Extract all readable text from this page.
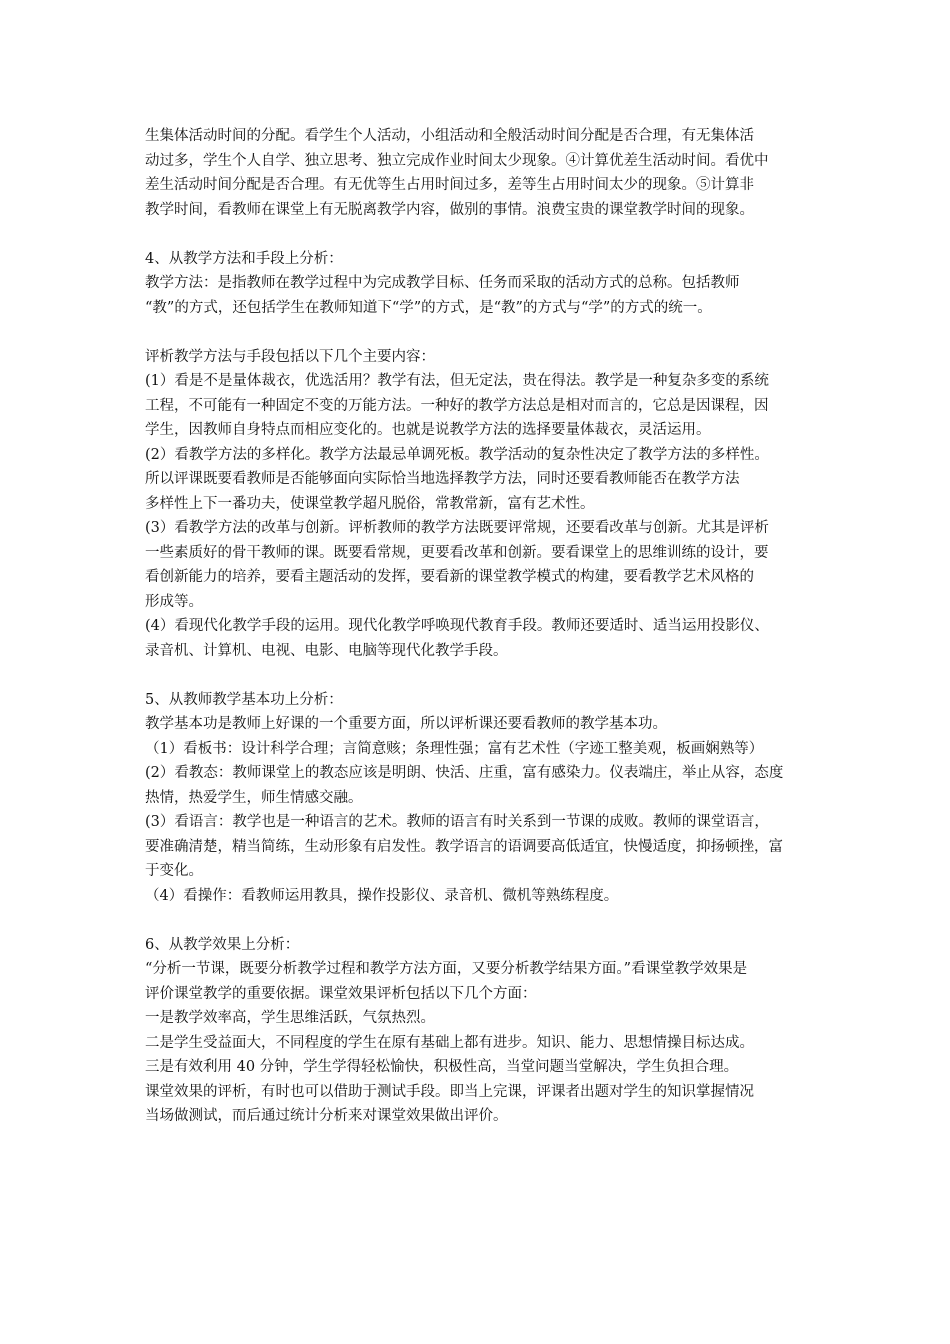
生集体活动时间的分配。看学生个人活动，小组活动和全般活动时间分配是否合理，有无集体活
动过多，学生个人自学、独立思考、独立完成作业时间太少现象。④计算优差生活动时间。看优中
差生活动时间分配是否合理。有无优等生占用时间过多，差等生占用时间太少的现象。⑤计算非
教学时间，看教师在课堂上有无脱离教学内容，做别的事情。浪费宝贵的课堂教学时间的现象。
4、从教学方法和手段上分析：
教学方法：是指教师在教学过程中为完成教学目标、任务而采取的活动方式的总称。包括教师
“教”的方式，还包括学生在教师知道下“学”的方式，是“教”的方式与“学”的方式的统一。
评析教学方法与手段包括以下几个主要内容：
(1）看是不是量体裁衣，优选活用？教学有法，但无定法，贵在得法。教学是一种复杂多变的系统
工程，不可能有一种固定不变的万能方法。一种好的教学方法总是相对而言的，它总是因课程，因
学生，因教师自身特点而相应变化的。也就是说教学方法的选择要量体裁衣，灵活运用。
(2）看教学方法的多样化。教学方法最忌单调死板。教学活动的复杂性决定了教学方法的多样性。
所以评课既要看教师是否能够面向实际恰当地选择教学方法，同时还要看教师能否在教学方法
多样性上下一番功夫，使课堂教学超凡脱俗，常教常新，富有艺术性。
(3）看教学方法的改革与创新。评析教师的教学方法既要评常规，还要看改革与创新。尤其是评析
一些素质好的骨干教师的课。既要看常规，更要看改革和创新。要看课堂上的思维训练的设计，要
看创新能力的培养，要看主题活动的发挥，要看新的课堂教学模式的构建，要看教学艺术风格的
形成等。
(4）看现代化教学手段的运用。现代化教学呼唤现代教育手段。教师还要适时、适当运用投影仪、
录音机、计算机、电视、电影、电脑等现代化教学手段。
5、从教师教学基本功上分析：
教学基本功是教师上好课的一个重要方面，所以评析课还要看教师的教学基本功。
（1）看板书：设计科学合理；言简意赅；条理性强；富有艺术性（字迹工整美观，板画娴熟等）
(2）看教态：教师课堂上的教态应该是明朗、快活、庄重，富有感染力。仪表端庄，举止从容，态度
热情，热爱学生，师生情感交融。
(3）看语言：教学也是一种语言的艺术。教师的语言有时关系到一节课的成败。教师的课堂语言，
要准确清楚，精当简练，生动形象有启发性。教学语言的语调要高低适宜，快慢适度，抑扬顿挫，富
于变化。
（4）看操作：看教师运用教具，操作投影仪、录音机、微机等熟练程度。
6、从教学效果上分析：
“分析一节课，既要分析教学过程和教学方法方面，又要分析教学结果方面。”看课堂教学效果是
评价课堂教学的重要依据。课堂效果评析包括以下几个方面：
一是教学效率高，学生思维活跃，气氛热烈。
二是学生受益面大，不同程度的学生在原有基础上都有进步。知识、能力、思想情操目标达成。
三是有效利用 40 分钟，学生学得轻松愉快，积极性高，当堂问题当堂解决，学生负担合理。
课堂效果的评析，有时也可以借助于测试手段。即当上完课，评课者出题对学生的知识掌握情况
当场做测试，而后通过统计分析来对课堂效果做出评价。
